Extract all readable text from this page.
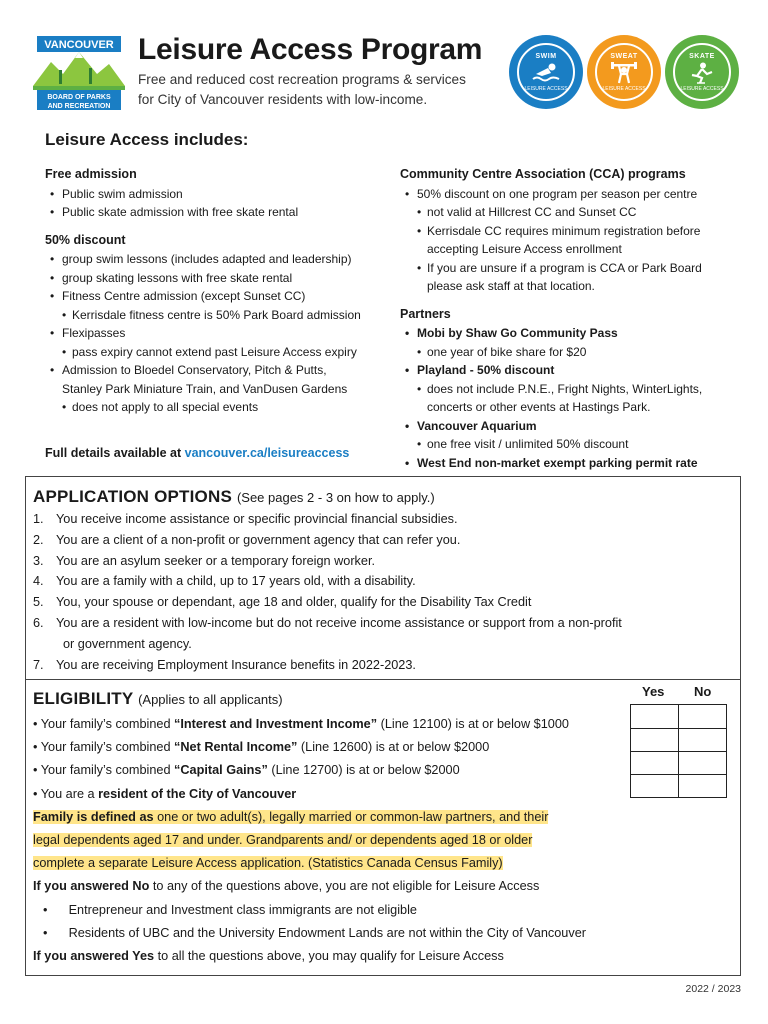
VANCOUVER
BOARD OF PARKS
AND RECREATION
Leisure Access Program
Free and reduced cost recreation programs & services
for City of Vancouver residents with low-income.
SWIM
LEISURE ACCESS
SWEAT
LEISURE ACCESS
SKATE
LEISURE ACCESS
Leisure Access includes:
Free admission
• Public swim admission
• Public skate admission with free skate rental
50% discount
• group swim lessons (includes adapted and leadership)
• group skating lessons with free skate rental
• Fitness Centre admission (except Sunset CC)
• Kerrisdale fitness centre is 50% Park Board admission
• Flexipasses
• pass expiry cannot extend past Leisure Access expiry
• Admission to Bloedel Conservatory, Pitch & Putts,
Stanley Park Miniature Train, and VanDusen Gardens
• does not apply to all special events
Full details available at vancouver.ca/leisureaccess
Community Centre Association (CCA) programs
• 50% discount on one program per season per centre
• not valid at Hillcrest CC and Sunset CC
• Kerrisdale CC requires minimum registration before
accepting Leisure Access enrollment
• If you are unsure if a program is CCA or Park Board
please ask staff at that location.
Partners
• Mobi by Shaw Go Community Pass
• one year of bike share for $20
• Playland - 50% discount
• does not include P.N.E., Fright Nights, WinterLights,
concerts or other events at Hastings Park.
• Vancouver Aquarium
• one free visit / unlimited 50% discount
• West End non-market exempt parking permit rate
APPLICATION OPTIONS (See pages 2 - 3 on how to apply.)
1. You receive income assistance or specific provincial financial subsidies.
2. You are a client of a non-profit or government agency that can refer you.
3. You are an asylum seeker or a temporary foreign worker.
4. You are a family with a child, up to 17 years old, with a disability.
5. You, your spouse or dependant, age 18 and older, qualify for the Disability Tax Credit
6. You are a resident with low-income but do not receive income assistance or support from a non-profit
or government agency.
7. You are receiving Employment Insurance benefits in 2022-2023.
ELIGIBILITY (Applies to all applicants)
Yes No
• Your family’s combined “Interest and Investment Income” (Line 12100) is at or below $1000
• Your family’s combined “Net Rental Income” (Line 12600) is at or below $2000
• Your family’s combined “Capital Gains” (Line 12700) is at or below $2000
• You are a resident of the City of Vancouver
Family is defined as one or two adult(s), legally married or common-law partners, and their
legal dependents aged 17 and under. Grandparents and/ or dependents aged 18 or older
complete a separate Leisure Access application. (Statistics Canada Census Family)
If you answered No to any of the questions above, you are not eligible for Leisure Access
•      Entrepreneur and Investment class immigrants are not eligible
•      Residents of UBC and the University Endowment Lands are not within the City of Vancouver
If you answered Yes to all the questions above, you may qualify for Leisure Access
2022 / 2023
